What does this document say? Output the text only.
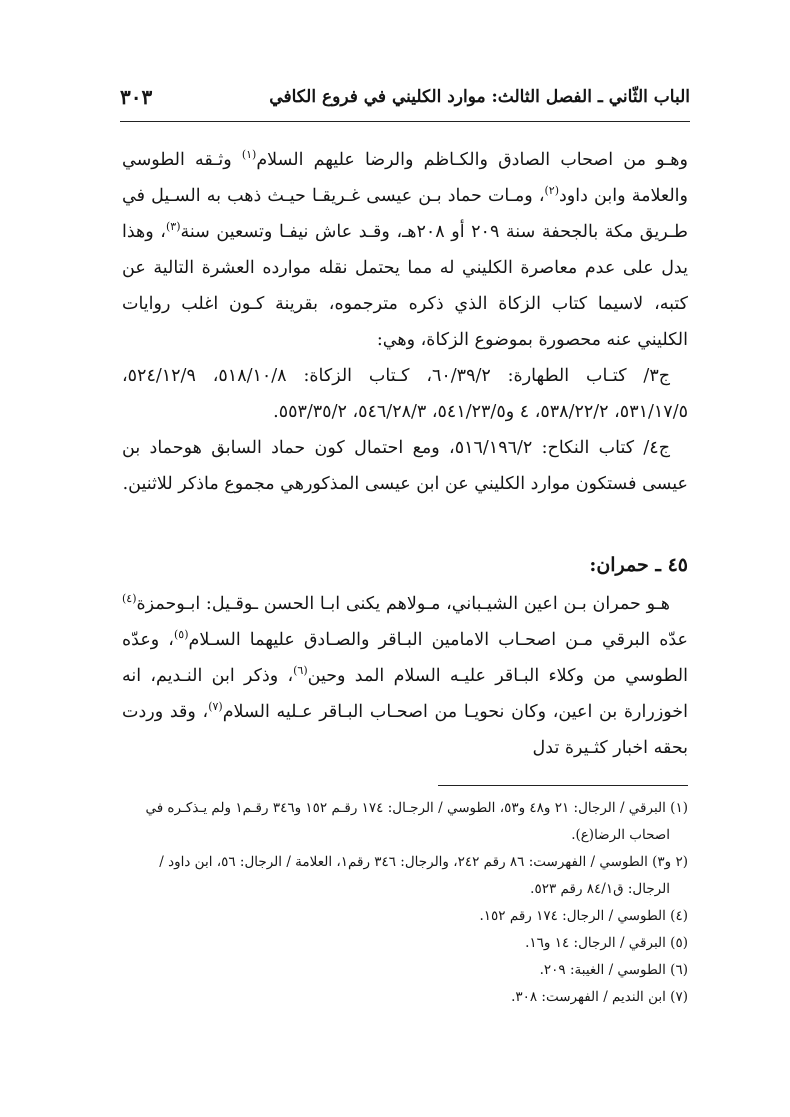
الباب الثّاني ـ الفصل الثالث: موارد الكليني في فروع الكافي
٣٠٣

وهـو من اصحاب الصادق والكـاظم والرضا عليهم السلام$^{(١)}$ وثـقه الطوسي والعلامة وابن داود$^{(٢)}$، ومـات حماد بـن عيسى غـريقـا حيـث ذهب به السـيل في طـريق مكة بالجحفة سنة ٢٠٩ أو ٢٠٨هـ، وقـد عاش نيفـا وتسعين سنة$^{(٣)}$، وهذا يدل على عدم معاصرة الكليني له مما يحتمل نقله موارده العشرة التالية عن كتبه، لاسيما كتاب الزكاة الذي ذكره مترجموه، بقرينة كـون اغلب روايات الكليني عنه محصورة بموضوع الزكاة، وهي:

ج٣/ كتـاب الطهارة: ٦٠/٣٩/٢، كـتاب الزكاة: ٥١٨/١٠/٨، ٥٢٤/١٢/٩، ٥٣١/١٧/٥، ٥٣٨/٢٢/٢، ٤ و٥٤١/٢٣/٥، ٥٤٦/٢٨/٣، ٥٥٣/٣٥/٢.

ج٤/ كتاب النكاح: ٥١٦/١٩٦/٢، ومع احتمال كون حماد السابق هوحماد بن عيسى فستكون موارد الكليني عن ابن عيسى المذكورهي مجموع ماذكر للاثنين.

٤٥ ـ حمران:

هـو حمران بـن اعين الشيـباني، مـولاهم يكنى ابـا الحسن ـوقـيل: ابـوحمزة$^{(٤)}$ عدّه البرقي مـن اصحـاب الامامين البـاقر والصـادق عليهما السـلام$^{(٥)}$، وعدّه الطوسي من وكلاء البـاقر عليـه السلام المد وحين$^{(٦)}$، وذكر ابن النـديم، انه اخوزرارة بن اعين، وكان نحويـا من اصحـاب البـاقر عـليه السلام$^{(٧)}$، وقد وردت بحقه اخبار كثـيرة تدل

(١) البرقي / الرجال: ٢١ و٤٨ و٥٣، الطوسي / الرجـال: ١٧٤ رقـم ١٥٢ و٣٤٦ رقـم١ ولم يـذكـره في

اصحاب الرضا(ع).

(٢ و٣) الطوسي / الفهرست: ٨٦ رقم ٢٤٢، والرجال: ٣٤٦ رقم١، العلامة / الرجال: ٥٦، ابن داود /

الرجال: ق٨٤/١ رقم ٥٢٣.

(٤) الطوسي / الرجال: ١٧٤ رقم ١٥٢.

(٥) البرقي / الرجال: ١٤ و١٦.

(٦) الطوسي / الغيبة: ٢٠٩.

(٧) ابن النديم / الفهرست: ٣٠٨.
